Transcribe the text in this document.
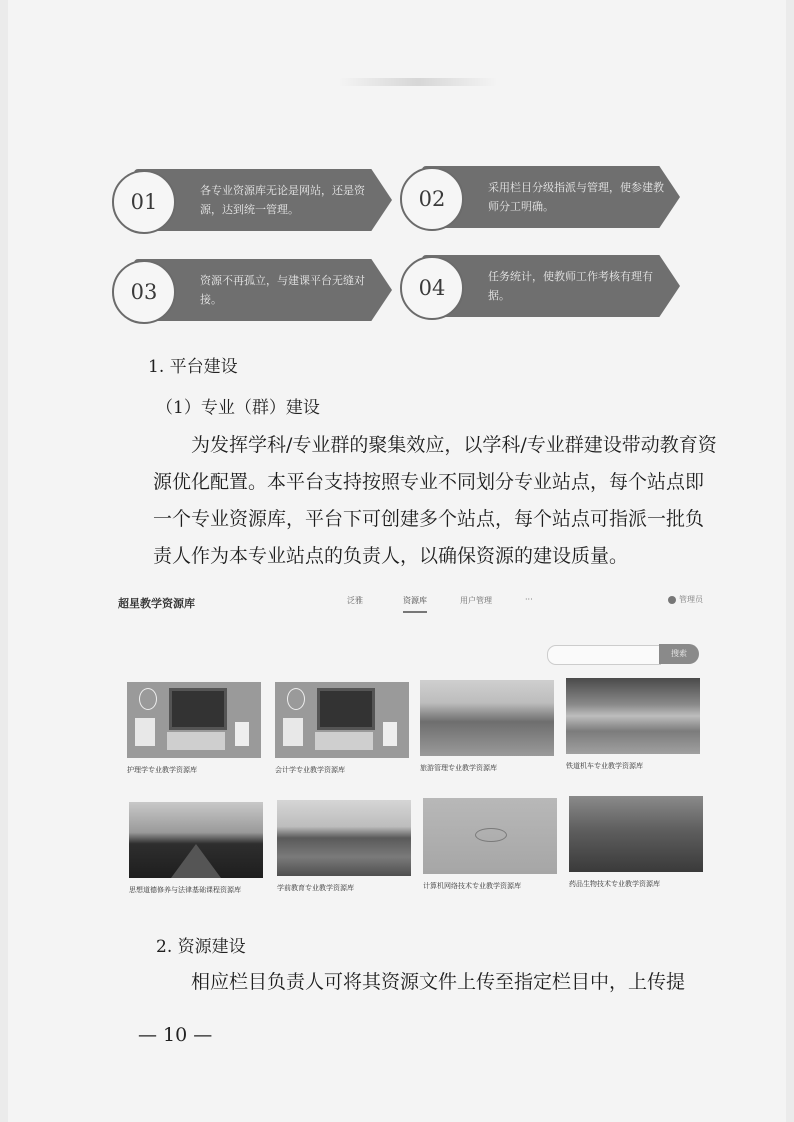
01	各专业资源库无论是网站，还是资源，达到统一管理。	02	采用栏目分级指派与管理，使参建教师分工明确。
03	资源不再孤立，与建课平台无缝对接。	04	任务统计，使教师工作考核有理有据。
1. 平台建设
（1）专业（群）建设
为发挥学科/专业群的聚集效应，以学科/专业群建设带动教育资源优化配置。本平台支持按照专业不同划分专业站点，每个站点即一个专业资源库，平台下可创建多个站点，每个站点可指派一批负责人作为本专业站点的负责人，以确保资源的建设质量。
超星教学资源库	泛雅	资源库	用户管理	···	管理员
搜索
护理学专业教学资源库	会计学专业教学资源库	旅游管理专业教学资源库	铁道机车专业教学资源库
思想道德修养与法律基础课程资源库	学前教育专业教学资源库	计算机网络技术专业教学资源库	药品生物技术专业教学资源库
2. 资源建设
相应栏目负责人可将其资源文件上传至指定栏目中，上传提
— 10 —
